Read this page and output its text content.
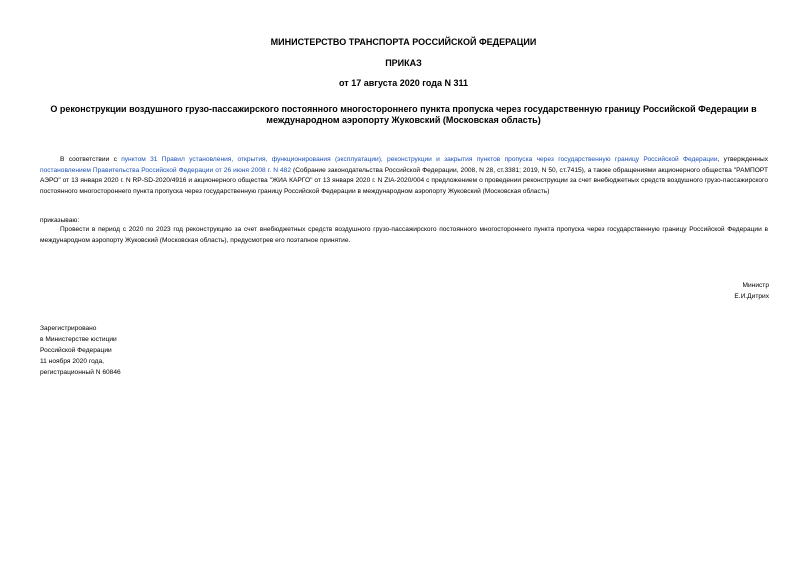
МИНИСТЕРСТВО ТРАНСПОРТА РОССИЙСКОЙ ФЕДЕРАЦИИ
ПРИКАЗ
от 17 августа 2020 года N 311
О реконструкции воздушного грузо-пассажирского постоянного многостороннего пункта пропуска через государственную границу Российской Федерации в международном аэропорту Жуковский (Московская область)
В соответствии с пунктом 31 Правил установления, открытия, функционирования (эксплуатации), реконструкции и закрытия пунктов пропуска через государственную границу Российской Федерации, утвержденных постановлением Правительства Российской Федерации от 26 июня 2008 г. N 482 (Собрание законодательства Российской Федерации, 2008, N 28, ст.3381; 2019, N 50, ст.7415), а также обращениями акционерного общества "РАМПОРТ АЭРО" от 13 января 2020 г. N RP-SD-2020/4916 и акционерного общества "ЖИА КАРГО" от 13 января 2020 г. N ZIA-2020/004 с предложением о проведении реконструкции за счет внебюджетных средств воздушного грузо-пассажирского постоянного многостороннего пункта пропуска через государственную границу Российской Федерации в международном аэропорту Жуковский (Московская область)
приказываю:
Провести в период с 2020 по 2023 год реконструкцию за счет внебюджетных средств воздушного грузо-пассажирского постоянного многостороннего пункта пропуска через государственную границу Российской Федерации в международном аэропорту Жуковский (Московская область), предусмотрев его поэтапное принятие.
Министр
Е.И.Дитрих
Зарегистрировано
в Министерстве юстиции
Российской Федерации
11 ноября 2020 года,
регистрационный N 60846
